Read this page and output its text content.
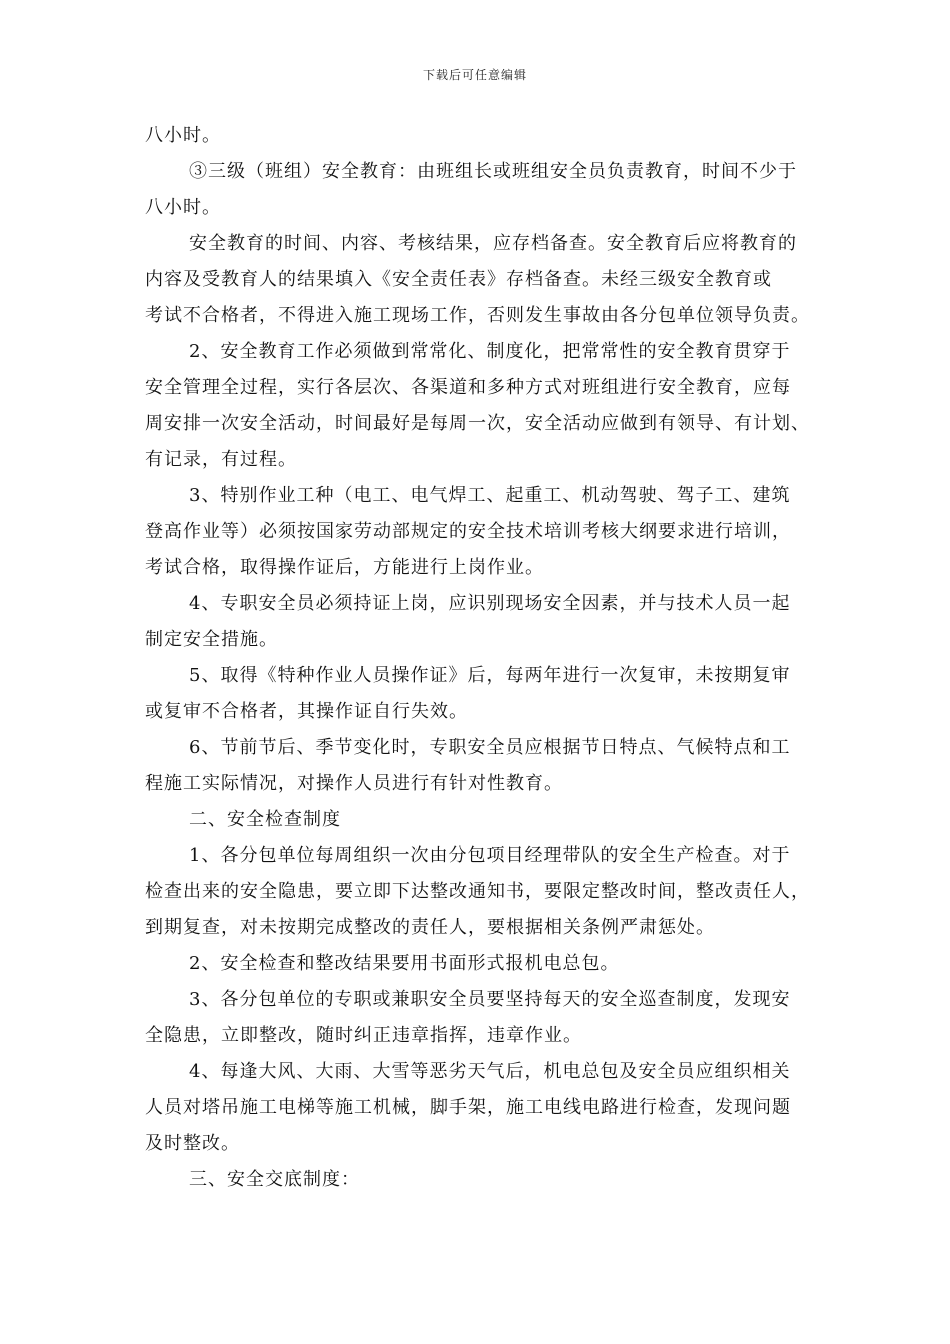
下载后可任意编辑
八小时。
③三级（班组）安全教育：由班组长或班组安全员负责教育，时间不少于
八小时。
安全教育的时间、内容、考核结果，应存档备查。安全教育后应将教育的
内容及受教育人的结果填入《安全责任表》存档备查。未经三级安全教育或
考试不合格者，不得进入施工现场工作，否则发生事故由各分包单位领导负责。
2、安全教育工作必须做到常常化、制度化，把常常性的安全教育贯穿于
安全管理全过程，实行各层次、各渠道和多种方式对班组进行安全教育，应每
周安排一次安全活动，时间最好是每周一次，安全活动应做到有领导、有计划、
有记录，有过程。
3、特别作业工种（电工、电气焊工、起重工、机动驾驶、驾子工、建筑
登高作业等）必须按国家劳动部规定的安全技术培训考核大纲要求进行培训，
考试合格，取得操作证后，方能进行上岗作业。
4、专职安全员必须持证上岗，应识别现场安全因素，并与技术人员一起
制定安全措施。
5、取得《特种作业人员操作证》后，每两年进行一次复审，未按期复审
或复审不合格者，其操作证自行失效。
6、节前节后、季节变化时，专职安全员应根据节日特点、气候特点和工
程施工实际情况，对操作人员进行有针对性教育。
二、安全检查制度
1、各分包单位每周组织一次由分包项目经理带队的安全生产检查。对于
检查出来的安全隐患，要立即下达整改通知书，要限定整改时间，整改责任人，
到期复查，对未按期完成整改的责任人，要根据相关条例严肃惩处。
2、安全检查和整改结果要用书面形式报机电总包。
3、各分包单位的专职或兼职安全员要坚持每天的安全巡查制度，发现安
全隐患，立即整改，随时纠正违章指挥，违章作业。
4、每逢大风、大雨、大雪等恶劣天气后，机电总包及安全员应组织相关
人员对塔吊施工电梯等施工机械，脚手架，施工电线电路进行检查，发现问题
及时整改。
三、安全交底制度：
